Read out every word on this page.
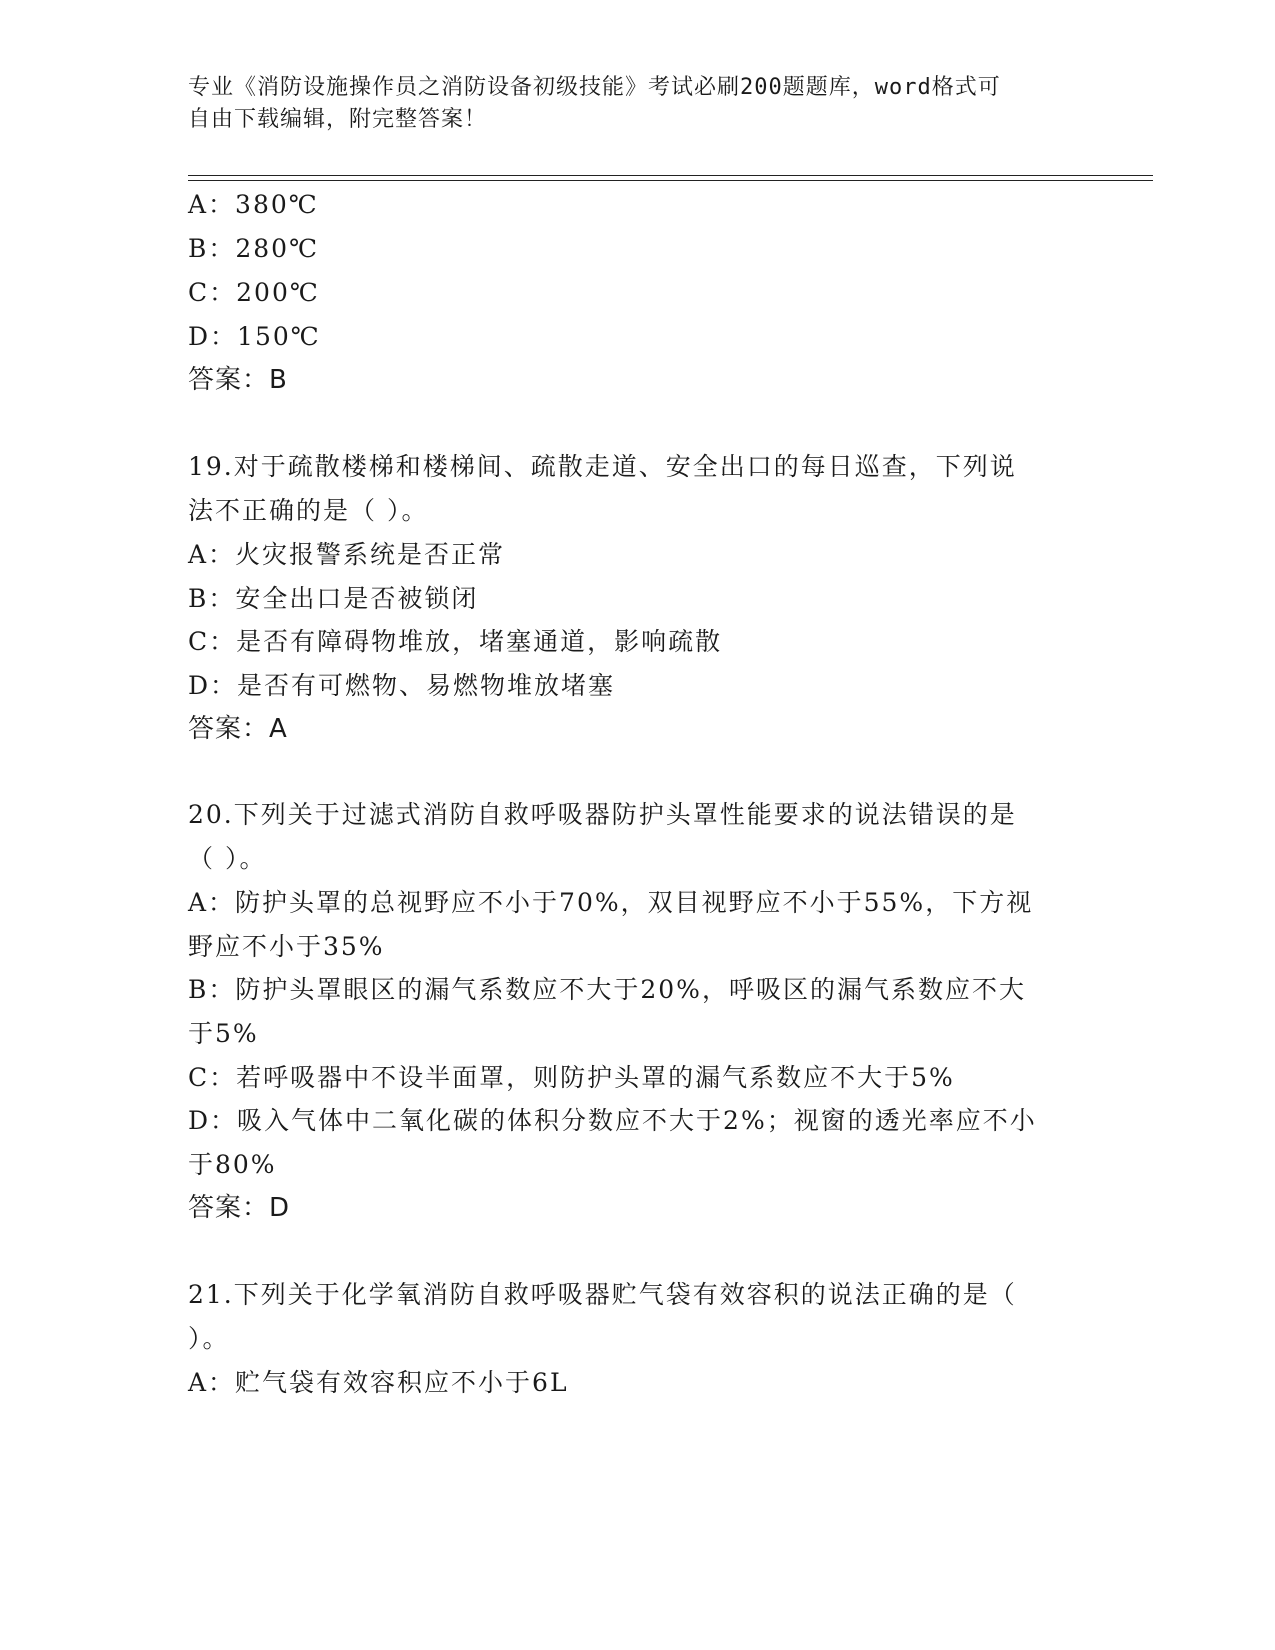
专业《消防设施操作员之消防设备初级技能》考试必刷200题题库，word格式可
自由下载编辑，附完整答案！
A：380℃
B：280℃
C：200℃
D：150℃
答案：B
19.对于疏散楼梯和楼梯间、疏散走道、安全出口的每日巡查，下列说
法不正确的是（ ）。
A：火灾报警系统是否正常
B：安全出口是否被锁闭
C：是否有障碍物堆放，堵塞通道，影响疏散
D：是否有可燃物、易燃物堆放堵塞
答案：A
20.下列关于过滤式消防自救呼吸器防护头罩性能要求的说法错误的是
（ ）。
A：防护头罩的总视野应不小于70%，双目视野应不小于55%，下方视
野应不小于35%
B：防护头罩眼区的漏气系数应不大于20%，呼吸区的漏气系数应不大
于5%
C：若呼吸器中不设半面罩，则防护头罩的漏气系数应不大于5%
D：吸入气体中二氧化碳的体积分数应不大于2%；视窗的透光率应不小
于80%
答案：D
21.下列关于化学氧消防自救呼吸器贮气袋有效容积的说法正确的是（
）。
A：贮气袋有效容积应不小于6L
